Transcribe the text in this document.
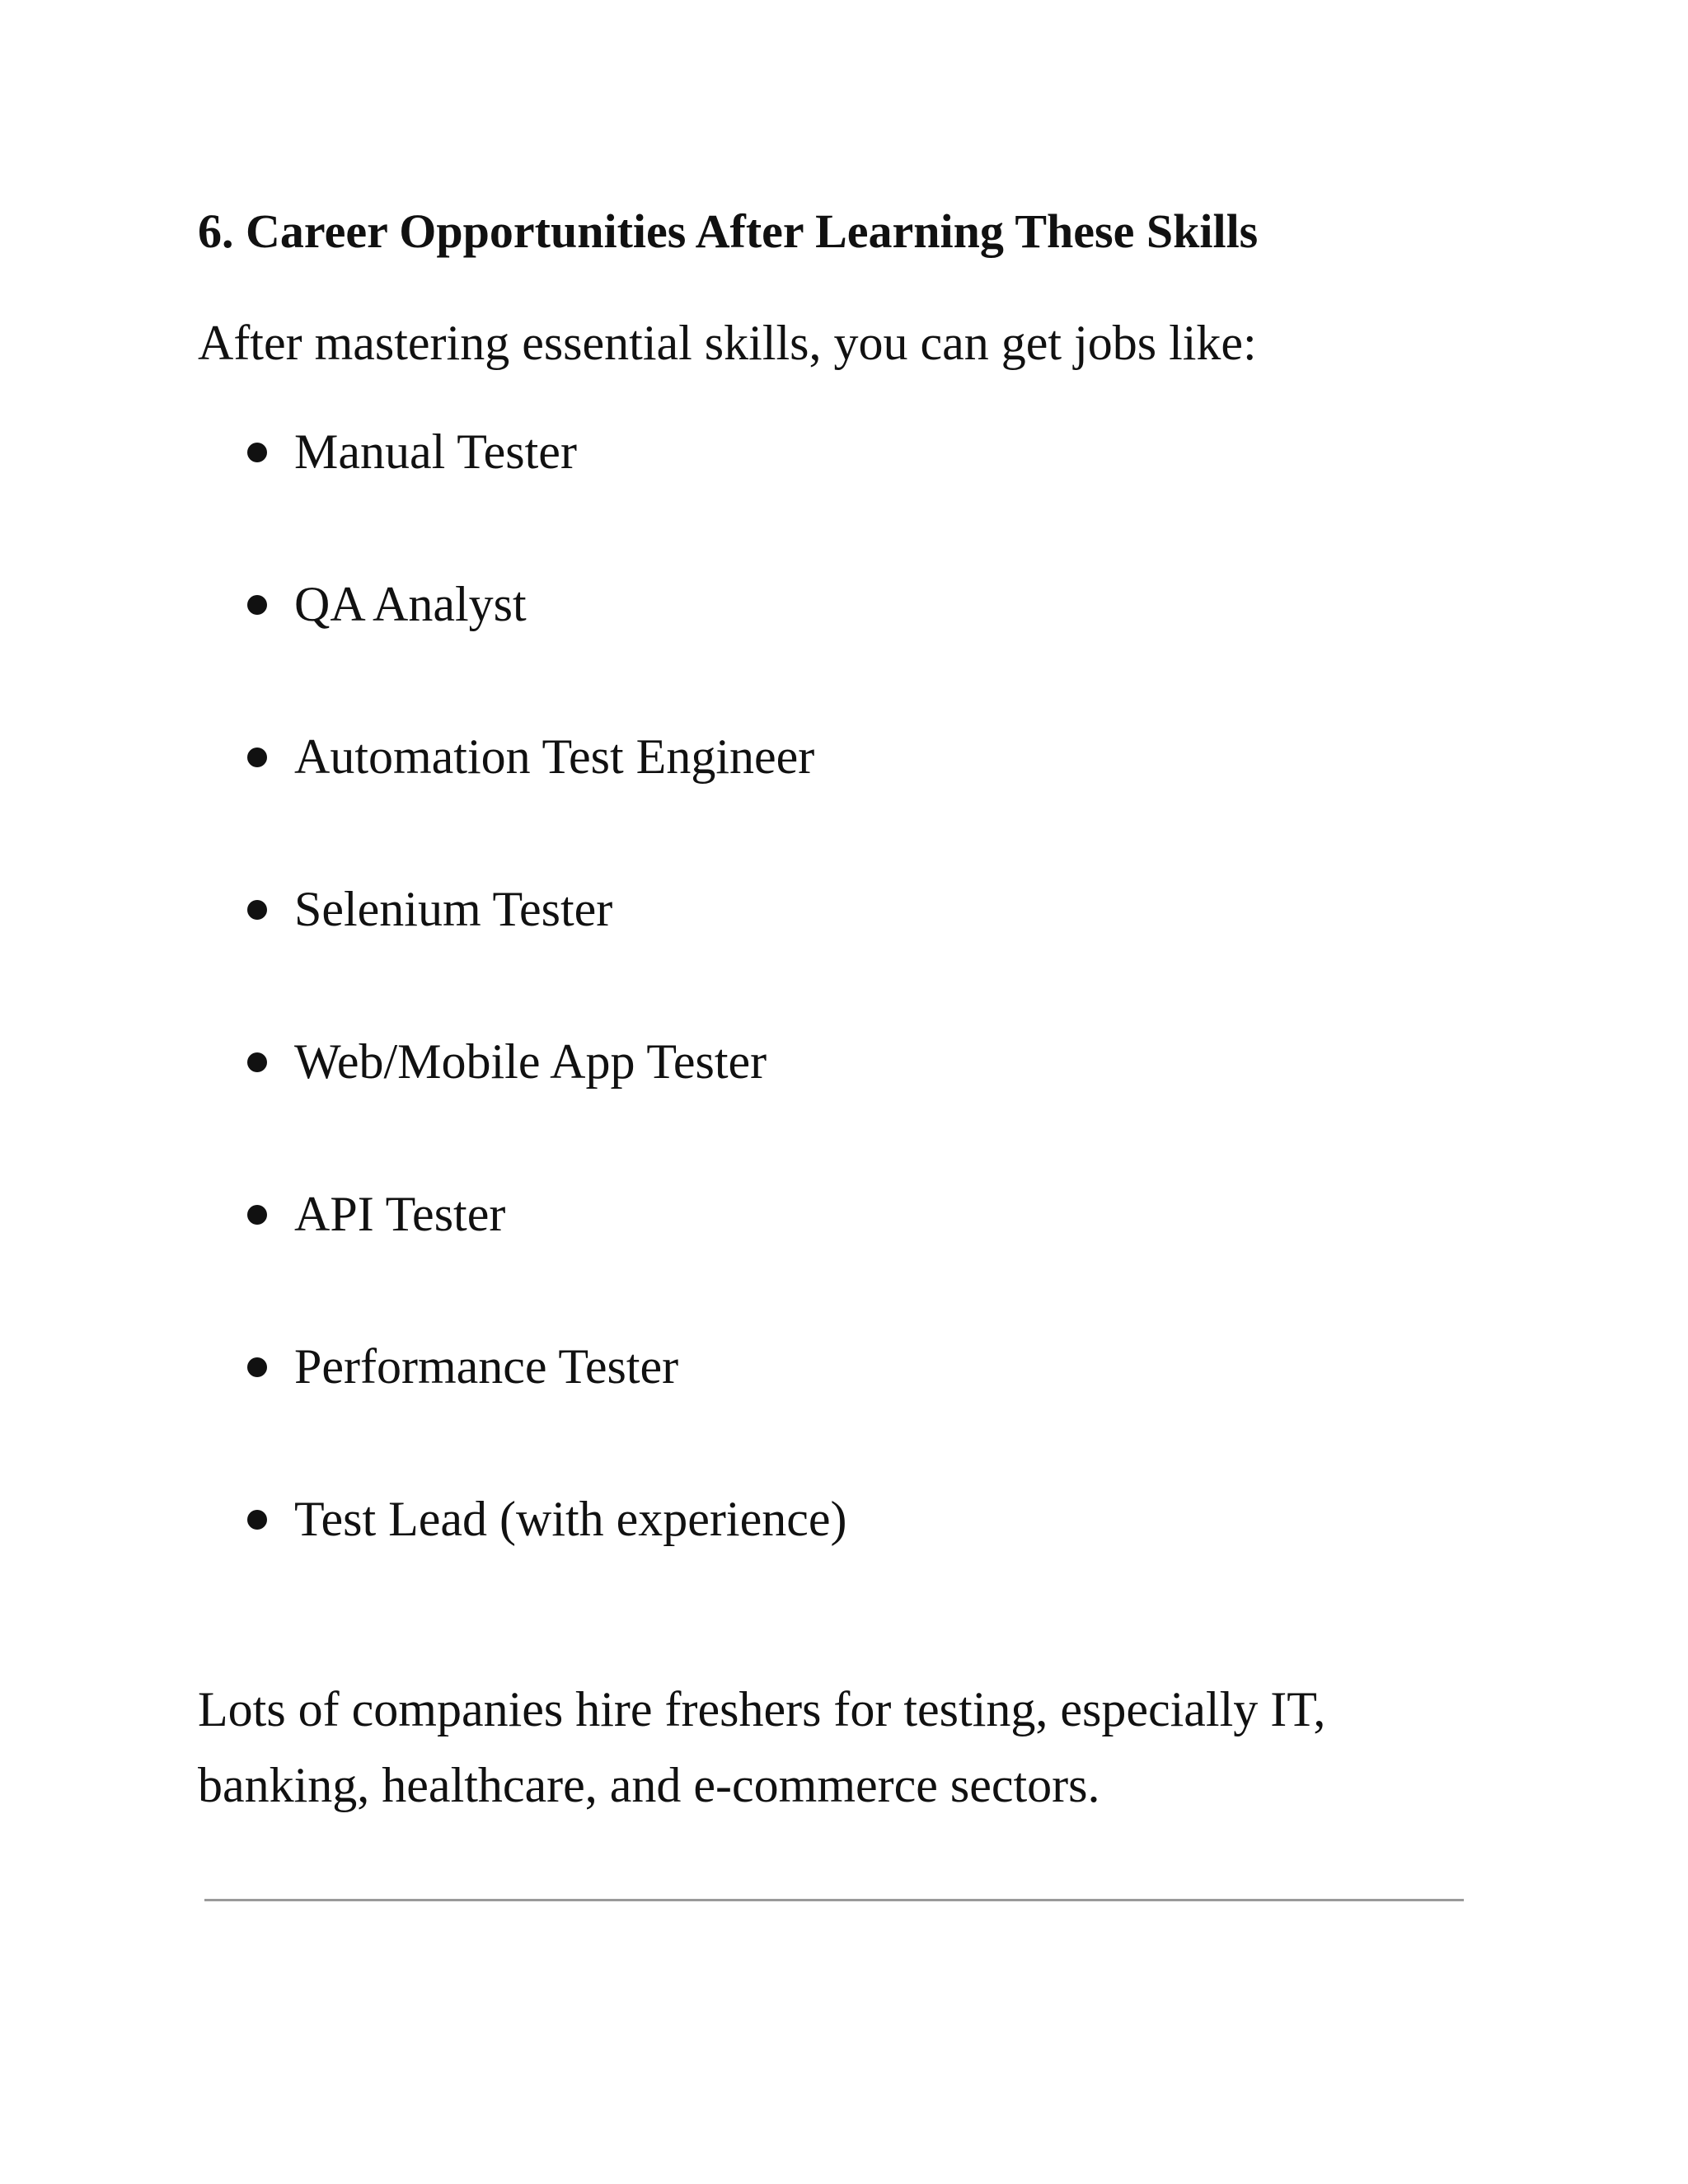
6. Career Opportunities After Learning These Skills

After mastering essential skills, you can get jobs like:

Manual Tester
QA Analyst
Automation Test Engineer
Selenium Tester
Web/Mobile App Tester
API Tester
Performance Tester
Test Lead (with experience)

Lots of companies hire freshers for testing, especially IT, banking, healthcare, and e-commerce sectors.
